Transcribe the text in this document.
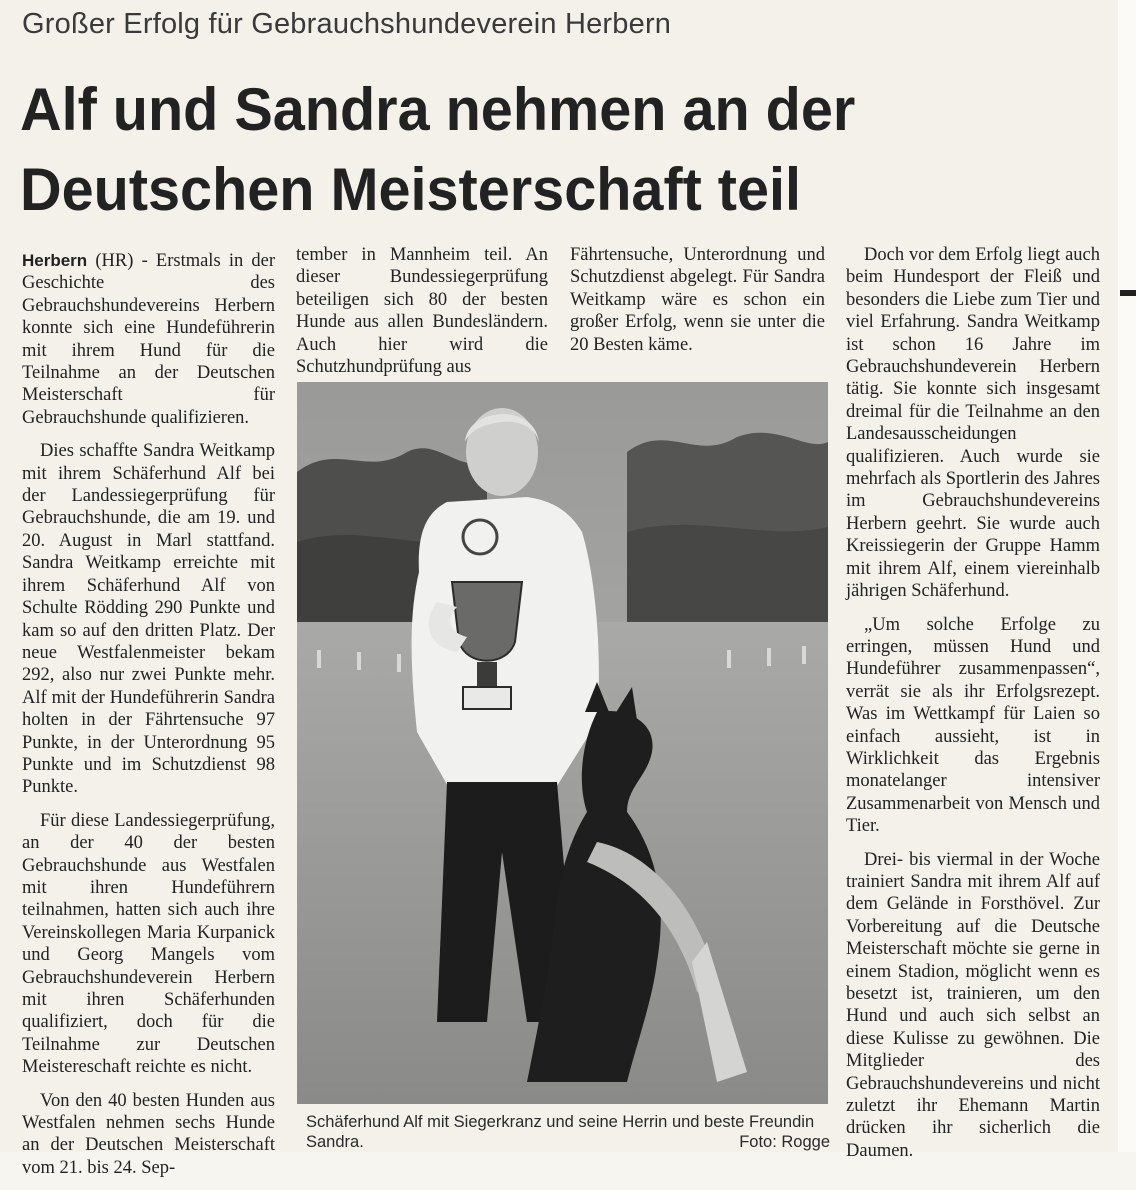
Großer Erfolg für Gebrauchshundeverein Herbern
Alf und Sandra nehmen an der
Deutschen Meisterschaft teil

Herbern (HR) - Erstmals in der Geschichte des Gebrauchshundevereins Herbern konnte sich eine Hundeführerin mit ihrem Hund für die Teilnahme an der Deutschen Meisterschaft für Gebrauchshunde qualifizieren.

Dies schaffte Sandra Weitkamp mit ihrem Schäferhund Alf bei der Landessiegerprüfung für Gebrauchshunde, die am 19. und 20. August in Marl stattfand. Sandra Weitkamp erreichte mit ihrem Schäferhund Alf von Schulte Rödding 290 Punkte und kam so auf den dritten Platz. Der neue Westfalenmeister bekam 292, also nur zwei Punkte mehr. Alf mit der Hundeführerin Sandra holten in der Fährtensuche 97 Punkte, in der Unterordnung 95 Punkte und im Schutzdienst 98 Punkte.

Für diese Landessiegerprüfung, an der 40 der besten Gebrauchshunde aus Westfalen mit ihren Hundeführern teilnahmen, hatten sich auch ihre Vereinskollegen Maria Kurpanick und Georg Mangels vom Gebrauchshundeverein Herbern mit ihren Schäferhunden qualifiziert, doch für die Teilnahme zur Deutschen Meistereschaft reichte es nicht.

Von den 40 besten Hunden aus Westfalen nehmen sechs Hunde an der Deutschen Meisterschaft vom 21. bis 24. Sep-

tember in Mannheim teil. An dieser Bundessiegerprüfung beteiligen sich 80 der besten Hunde aus allen Bundesländern. Auch hier wird die Schutzhundprüfung aus

Fährtensuche, Unterordnung und Schutzdienst abgelegt. Für Sandra Weitkamp wäre es schon ein großer Erfolg, wenn sie unter die 20 Besten käme.

Doch vor dem Erfolg liegt auch beim Hundesport der Fleiß und besonders die Liebe zum Tier und viel Erfahrung. Sandra Weitkamp ist schon 16 Jahre im Gebrauchshundeverein Herbern tätig. Sie konnte sich insgesamt dreimal für die Teilnahme an den Landesausscheidungen qualifizieren. Auch wurde sie mehrfach als Sportlerin des Jahres im Gebrauchshundevereins Herbern geehrt. Sie wurde auch Kreissiegerin der Gruppe Hamm mit ihrem Alf, einem viereinhalb jährigen Schäferhund.

„Um solche Erfolge zu erringen, müssen Hund und Hundeführer zusammenpassen“, verrät sie als ihr Erfolgsrezept. Was im Wettkampf für Laien so einfach aussieht, ist in Wirklichkeit das Ergebnis monatelanger intensiver Zusammenarbeit von Mensch und Tier.

Drei- bis viermal in der Woche trainiert Sandra mit ihrem Alf auf dem Gelände in Forsthövel. Zur Vorbereitung auf die Deutsche Meisterschaft möchte sie gerne in einem Stadion, möglicht wenn es besetzt ist, trainieren, um den Hund und auch sich selbst an diese Kulisse zu gewöhnen. Die Mitglieder des Gebrauchshundevereins und nicht zuletzt ihr Ehemann Martin drücken ihr sicherlich die Daumen.

Schäferhund Alf mit Siegerkranz und seine Herrin und beste Freundin Sandra.	Foto: Rogge
